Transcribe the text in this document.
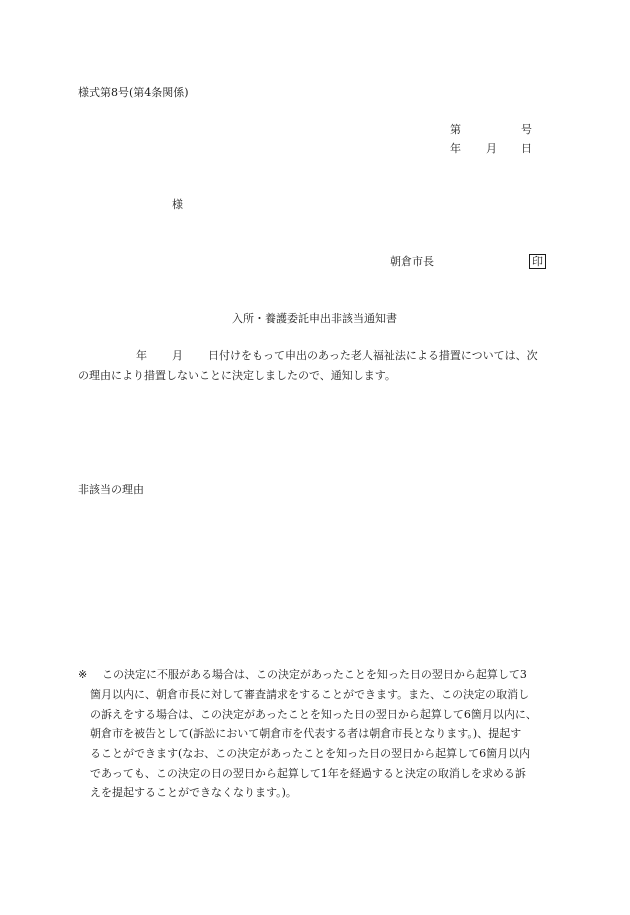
様式第8号(第4条関係)
第	号
年 月 日
様
朝倉市長	印
入所・養護委託申出非該当通知書
年 月 日付けをもって申出のあった老人福祉法による措置については、次
の理由により措置しないことに決定しましたので、通知します。
非該当の理由
※ この決定に不服がある場合は、この決定があったことを知った日の翌日から起算して3
箇月以内に、朝倉市長に対して審査請求をすることができます。また、この決定の取消し
の訴えをする場合は、この決定があったことを知った日の翌日から起算して6箇月以内に、
朝倉市を被告として(訴訟において朝倉市を代表する者は朝倉市長となります。)、提起す
ることができます(なお、この決定があったことを知った日の翌日から起算して6箇月以内
であっても、この決定の日の翌日から起算して1年を経過すると決定の取消しを求める訴
えを提起することができなくなります。)。
